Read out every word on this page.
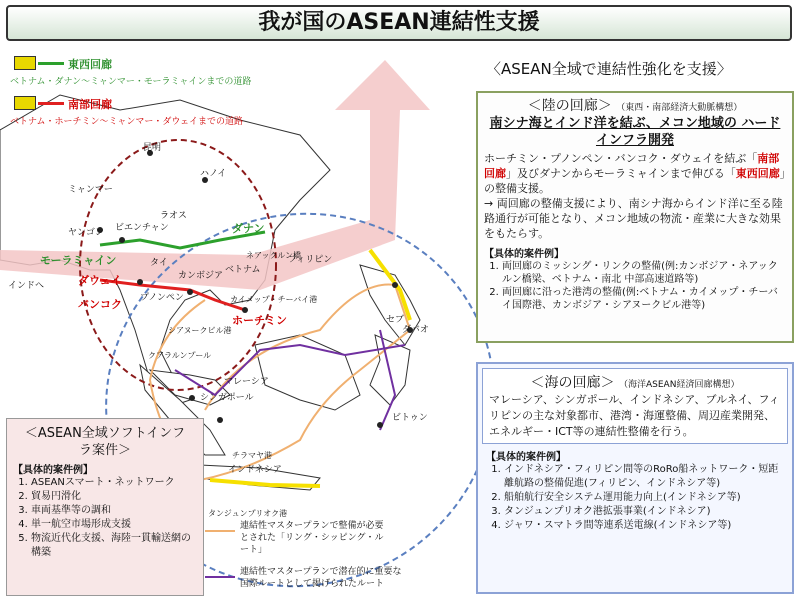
我が国のASEAN連結性支援
東西回廊
ベトナム・ダナン～ミャンマー・モーラミャインまでの道路
南部回廊
ベトナム・ホーチミン～ミャンマー・ダウェイまでの道路
昆明
ハノイ
ミャンマー
ラオス
ビエンチャン
ヤンゴン	ダナン
ネアックルン橋
モーラミャイン	タイ
カンボジア
ベトナム
フィリピン
インドへ	ダウェイ
バンコク プノンペン	カイメップ・チーバイ港
ホーチミン
シアヌークビル港
セブ
ダバオ
マレーシア
シンガポール
クアラルンプール
ビトゥン
インドネシア
チラマヤ港
タンジュンプリオク港
〈ASEAN全域で連結性強化を支援〉
＜陸の回廊＞ （東西・南部経済大動脈構想）
南シナ海とインド洋を結ぶ、メコン地域の ハードインフラ開発
ホーチミン・プノンペン・バンコク・ダウェイを結ぶ「南部回廊」及びダナンからモーラミャインまで伸びる「東西回廊」の整備支援。
→ 両回廊の整備支援により、南シナ海からインド洋に至る陸路通行が可能となり、メコン地域の物流・産業に大きな効果をもたらす。
【具体的案件例】
1. 両回廊のミッシング・リンクの整備(例:カンボジア・ネアックルン橋梁、ベトナム・南北 中部高速道路等)
2. 両回廊に沿った港湾の整備(例:ベトナム・カイメップ・チーバイ国際港、カンボジア・シアヌークビル港等)
＜海の回廊＞ （海洋ASEAN経済回廊構想）
マレーシア、シンガポール、インドネシア、ブルネイ、フィリピンの主な対象都市、港湾・海運整備、周辺産業開発、エネルギー・ICT等の連結性整備を行う。
【具体的案件例】
1. インドネシア・フィリピン間等のRoRo船ネットワーク・短距離航路の整備促進(フィリピン、インドネシア等)
2. 船舶航行安全システム運用能力向上(インドネシア等)
3. タンジュンプリオク港拡張事業(インドネシア)
4. ジャワ・スマトラ間等連系送電線(インドネシア等)
＜ASEAN全域ソフトインフラ案件＞
【具体的案件例】
1. ASEANスマート・ネットワーク
2. 貿易円滑化
3. 車両基準等の調和
4. 単一航空市場形成支援
5. 物流近代化支援、海陸一貫輸送網の構築
連結性マスタープランで整備が必要とされた「リング・シッピング・ルート」
連結性マスタープランで潜在的に重要な国際ルートとして掲げられたルート
